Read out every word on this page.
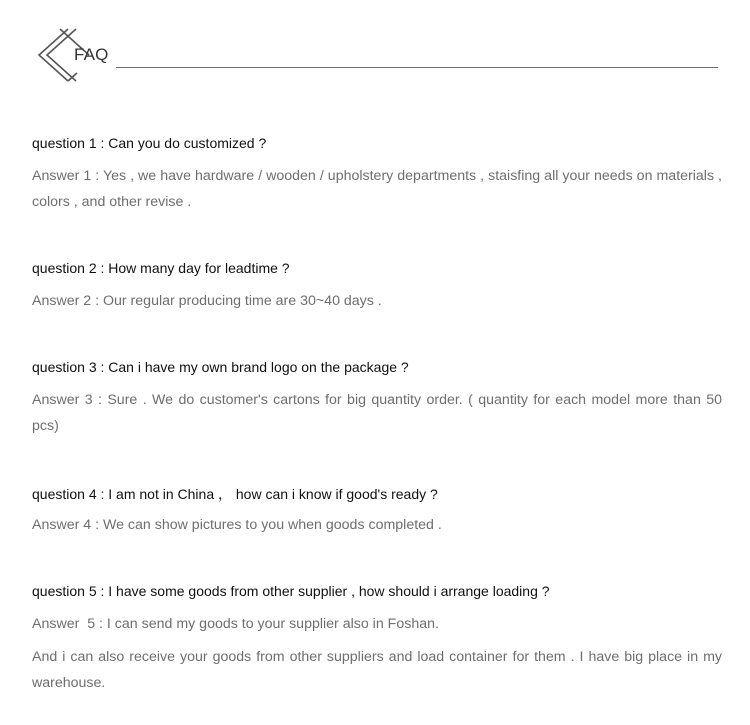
FAQ
question 1 : Can you do customized ?
Answer 1 : Yes , we have hardware / wooden / upholstery departments , staisfing all your needs on materials , colors , and other revise .
question 2 : How many day for leadtime ?
Answer 2 : Our regular producing time are 30~40 days .
question 3 : Can i have my own brand logo on the package ?
Answer 3 : Sure . We do customer's cartons for big quantity order. ( quantity for each model more than 50 pcs)
question 4 : I am not in China ， how can i know if good's ready ?
Answer 4 : We can show pictures to you when goods completed .
question 5 : I have some goods from other supplier , how should i arrange loading ?
Answer  5 : I can send my goods to your supplier also in Foshan.
And i can also receive your goods from other suppliers and load container for them . I have big place in my warehouse.
